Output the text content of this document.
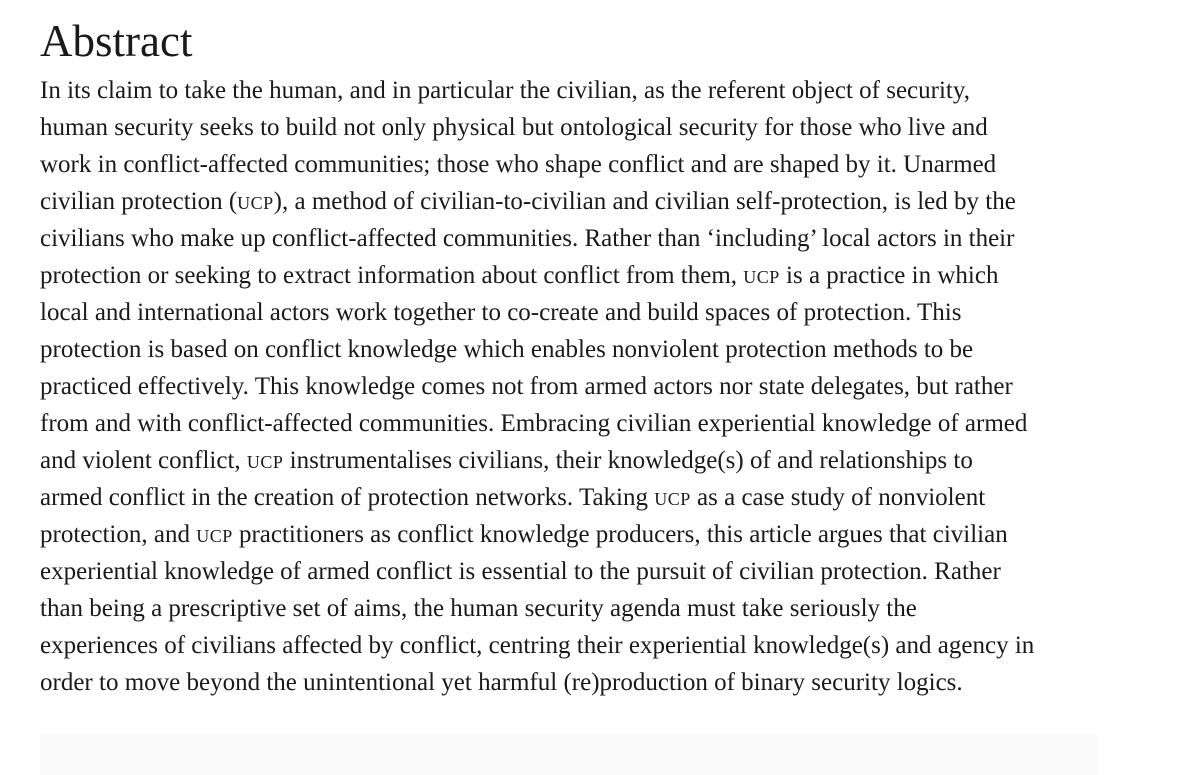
Abstract

In its claim to take the human, and in particular the civilian, as the referent object of security,
human security seeks to build not only physical but ontological security for those who live and
work in conflict-affected communities; those who shape conflict and are shaped by it. Unarmed
civilian protection (ucp), a method of civilian-to-civilian and civilian self-protection, is led by the
civilians who make up conflict-affected communities. Rather than ‘including’ local actors in their
protection or seeking to extract information about conflict from them, ucp is a practice in which
local and international actors work together to co-create and build spaces of protection. This
protection is based on conflict knowledge which enables nonviolent protection methods to be
practiced effectively. This knowledge comes not from armed actors nor state delegates, but rather
from and with conflict-affected communities. Embracing civilian experiential knowledge of armed
and violent conflict, ucp instrumentalises civilians, their knowledge(s) of and relationships to
armed conflict in the creation of protection networks. Taking ucp as a case study of nonviolent
protection, and ucp practitioners as conflict knowledge producers, this article argues that civilian
experiential knowledge of armed conflict is essential to the pursuit of civilian protection. Rather
than being a prescriptive set of aims, the human security agenda must take seriously the
experiences of civilians affected by conflict, centring their experiential knowledge(s) and agency in
order to move beyond the unintentional yet harmful (re)production of binary security logics.
